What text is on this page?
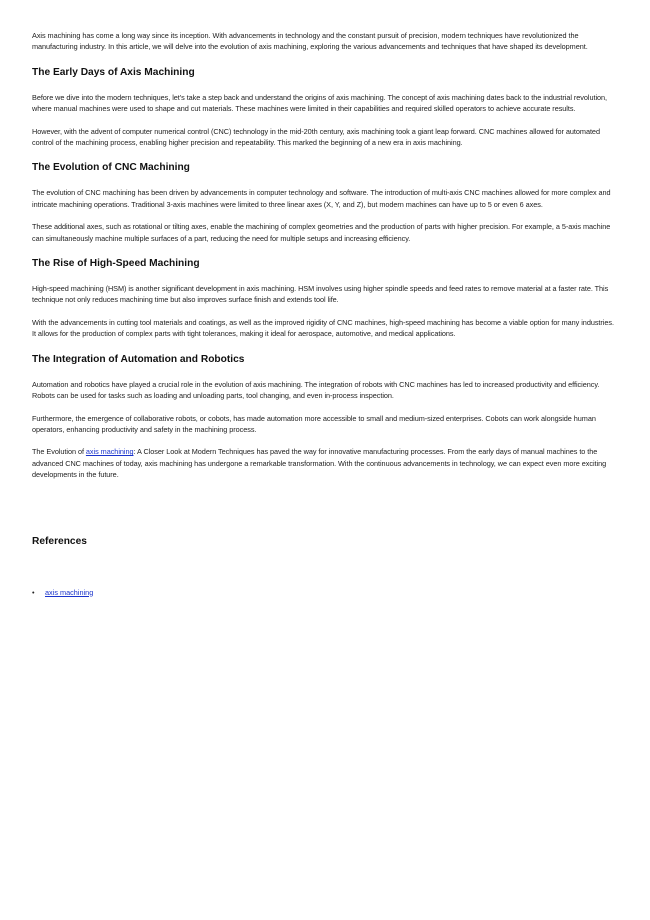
Axis machining has come a long way since its inception. With advancements in technology and the constant pursuit of precision, modern techniques have revolutionized the manufacturing industry. In this article, we will delve into the evolution of axis machining, exploring the various advancements and techniques that have shaped its development.

The Early Days of Axis Machining

Before we dive into the modern techniques, let's take a step back and understand the origins of axis machining. The concept of axis machining dates back to the industrial revolution, where manual machines were used to shape and cut materials. These machines were limited in their capabilities and required skilled operators to achieve accurate results.

However, with the advent of computer numerical control (CNC) technology in the mid-20th century, axis machining took a giant leap forward. CNC machines allowed for automated control of the machining process, enabling higher precision and repeatability. This marked the beginning of a new era in axis machining.

The Evolution of CNC Machining

The evolution of CNC machining has been driven by advancements in computer technology and software. The introduction of multi-axis CNC machines allowed for more complex and intricate machining operations. Traditional 3-axis machines were limited to three linear axes (X, Y, and Z), but modern machines can have up to 5 or even 6 axes.

These additional axes, such as rotational or tilting axes, enable the machining of complex geometries and the production of parts with higher precision. For example, a 5-axis machine can simultaneously machine multiple surfaces of a part, reducing the need for multiple setups and increasing efficiency.

The Rise of High-Speed Machining

High-speed machining (HSM) is another significant development in axis machining. HSM involves using higher spindle speeds and feed rates to remove material at a faster rate. This technique not only reduces machining time but also improves surface finish and extends tool life.

With the advancements in cutting tool materials and coatings, as well as the improved rigidity of CNC machines, high-speed machining has become a viable option for many industries. It allows for the production of complex parts with tight tolerances, making it ideal for aerospace, automotive, and medical applications.

The Integration of Automation and Robotics

Automation and robotics have played a crucial role in the evolution of axis machining. The integration of robots with CNC machines has led to increased productivity and efficiency. Robots can be used for tasks such as loading and unloading parts, tool changing, and even in-process inspection.

Furthermore, the emergence of collaborative robots, or cobots, has made automation more accessible to small and medium-sized enterprises. Cobots can work alongside human operators, enhancing productivity and safety in the machining process.

The Evolution of axis machining: A Closer Look at Modern Techniques has paved the way for innovative manufacturing processes. From the early days of manual machines to the advanced CNC machines of today, axis machining has undergone a remarkable transformation. With the continuous advancements in technology, we can expect even more exciting developments in the future.

References
• axis machining
